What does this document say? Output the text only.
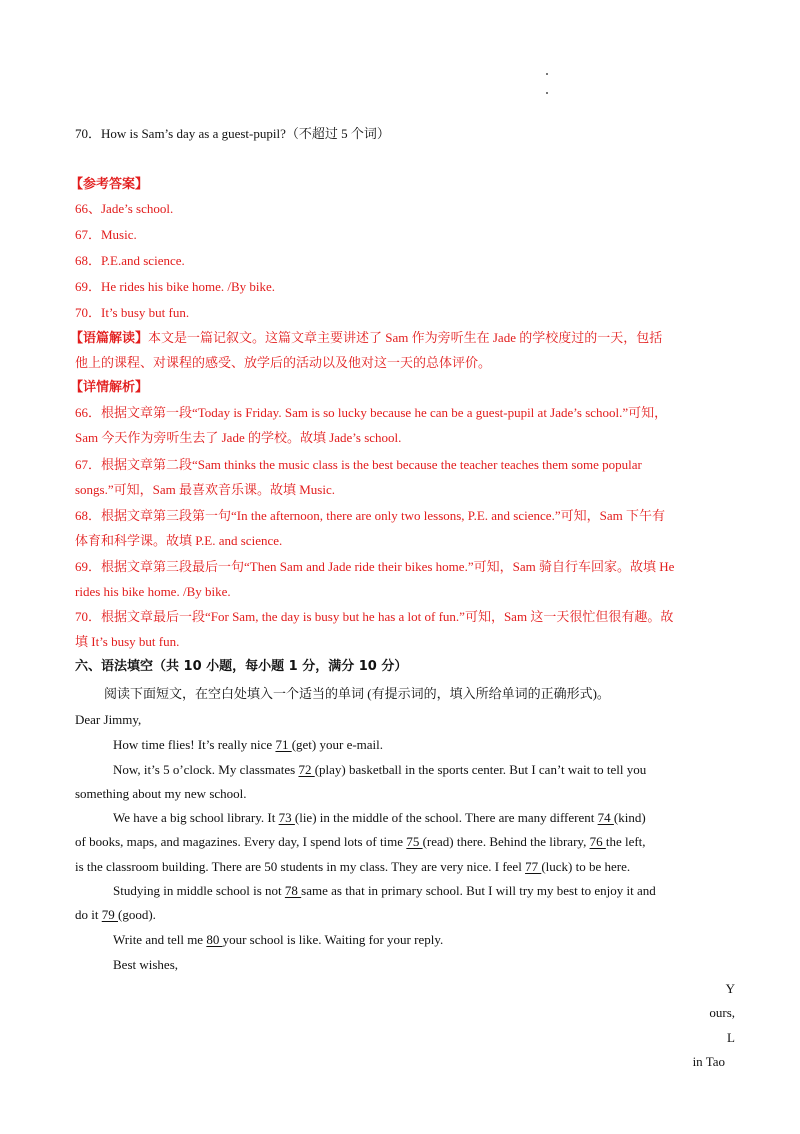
70．How is Sam’s day as a guest-pupil?（不超过 5 个词）
【参考答案】
66、Jade’s school.
67．Music.
68．P.E.and science.
69．He rides his bike home. /By bike.
70．It’s busy but fun.
【语篇解读】本文是一篇记叙文。这篇文章主要讲述了 Sam 作为旁听生在 Jade 的学校度过的一天，包括
他上的课程、对课程的感受、放学后的活动以及他对这一天的总体评价。
【详情解析】
66．根据文章第一段“Today is Friday. Sam is so lucky because he can be a guest-pupil at Jade’s school.”可知，
Sam 今天作为旁听生去了 Jade 的学校。故填 Jade’s school.
67．根据文章第二段“Sam thinks the music class is the best because the teacher teaches them some popular
songs.”可知，Sam 最喜欢音乐课。故填 Music.
68．根据文章第三段第一句“In the afternoon, there are only two lessons, P.E. and science.”可知，Sam 下午有
体育和科学课。故填 P.E. and science.
69．根据文章第三段最后一句“Then Sam and Jade ride their bikes home.”可知，Sam 骑自行车回家。故填 He
rides his bike home. /By bike.
70．根据文章最后一段“For Sam, the day is busy but he has a lot of fun.”可知，Sam 这一天很忙但很有趣。故
填 It’s busy but fun.
六、语法填空（共 10 小题，每小题 1 分，满分 10 分）
阅读下面短文，在空白处填入一个适当的单词 (有提示词的，填入所给单词的正确形式)。
Dear Jimmy,
How time flies! It’s really nice 71 (get) your e-mail.
Now, it’s 5 o’clock. My classmates 72 (play) basketball in the sports center. But I can’t wait to tell you
something about my new school.
We have a big school library. It 73 (lie) in the middle of the school. There are many different 74 (kind)
of books, maps, and magazines. Every day, I spend lots of time 75 (read) there. Behind the library, 76 the left,
is the classroom building. There are 50 students in my class. They are very nice. I feel 77 (luck) to be here.
Studying in middle school is not 78 same as that in primary school. But I will try my best to enjoy it and
do it 79 (good).
Write and tell me 80 your school is like. Waiting for your reply.
Best wishes,
Y
ours,
L
in Tao
